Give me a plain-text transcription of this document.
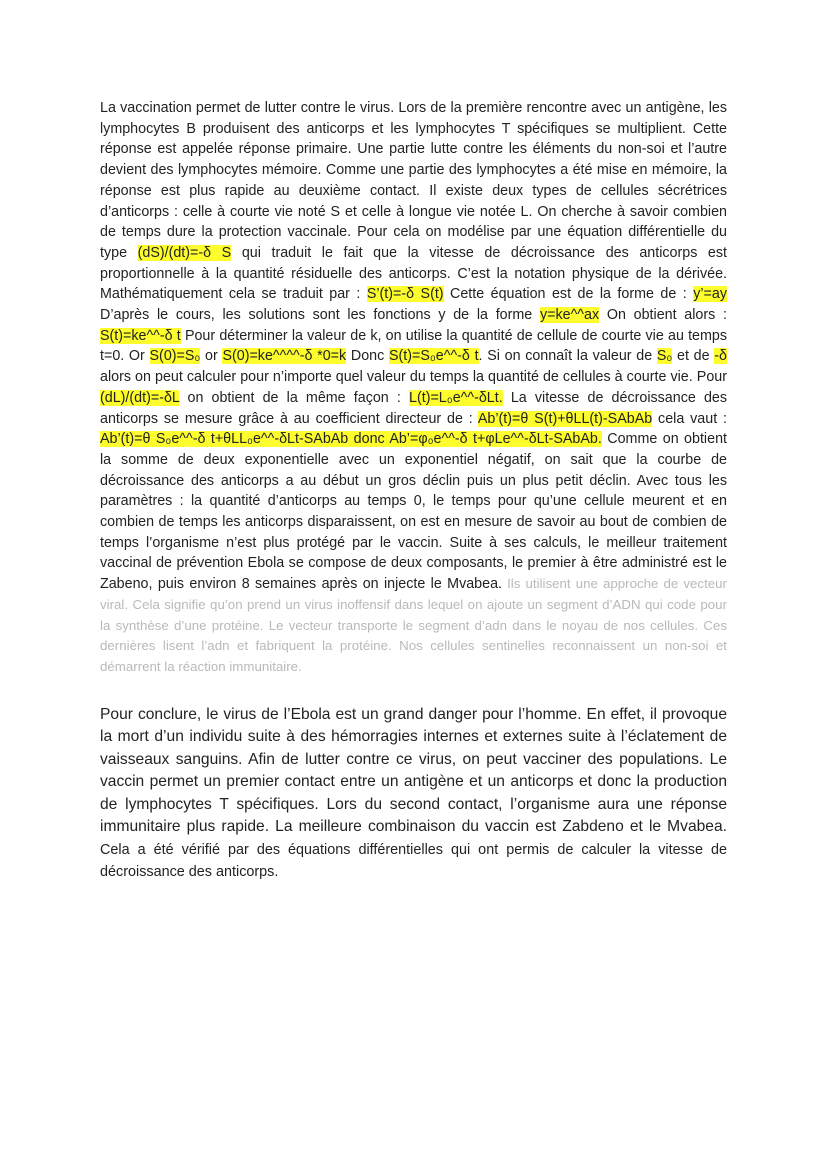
La vaccination permet de lutter contre le virus. Lors de la première rencontre avec un antigène, les lymphocytes B produisent des anticorps et les lymphocytes T spécifiques se multiplient. Cette réponse est appelée réponse primaire. Une partie lutte contre les éléments du non-soi et l’autre devient des lymphocytes mémoire. Comme une partie des lymphocytes a été mise en mémoire, la réponse est plus rapide au deuxième contact. Il existe deux types de cellules sécrétrices d’anticorps : celle à courte vie noté S et celle à longue vie notée L. On cherche à savoir combien de temps dure la protection vaccinale. Pour cela on modélise par une équation différentielle du type (dS)/(dt)=-δ S qui traduit le fait que la vitesse de décroissance des anticorps est proportionnelle à la quantité résiduelle des anticorps. C’est la notation physique de la dérivée. Mathématiquement cela se traduit par : S’(t)=-δ S(t) Cette équation est de la forme de : y’=ay D’après le cours, les solutions sont les fonctions y de la forme y=ke^^ax On obtient alors : S(t)=ke^^-δ t Pour déterminer la valeur de k, on utilise la quantité de cellule de courte vie au temps t=0. Or S(0)=S₀ or S(0)=ke^^^^-δ *0=k Donc S(t)=S₀e^^-δ t. Si on connaît la valeur de S₀ et de -δ alors on peut calculer pour n’importe quel valeur du temps la quantité de cellules à courte vie. Pour (dL)/(dt)=-δL on obtient de la même façon : L(t)=L₀e^^-δLt. La vitesse de décroissance des anticorps se mesure grâce à au coefficient directeur de : Ab’(t)=θ S(t)+θLL(t)-SAbAb cela vaut : Ab’(t)=θ S₀e^^-δ t+θLL₀e^^-δLt-SAbAb donc Ab’=φ₀e^^-δ t+φLe^^-δLt-SAbAb. Comme on obtient la somme de deux exponentielle avec un exponentiel négatif, on sait que la courbe de décroissance des anticorps a au début un gros déclin puis un plus petit déclin. Avec tous les paramètres : la quantité d’anticorps au temps 0, le temps pour qu’une cellule meurent et en combien de temps les anticorps disparaissent, on est en mesure de savoir au bout de combien de temps l’organisme n’est plus protégé par le vaccin. Suite à ses calculs, le meilleur traitement vaccinal de prévention Ebola se compose de deux composants, le premier à être administré est le Zabeno, puis environ 8 semaines après on injecte le Mvabea. Ils utilisent une approche de vecteur viral. Cela signifie qu’on prend un virus inoffensif dans lequel on ajoute un segment d’ADN qui code pour la synthèse d’une protéine. Le vecteur transporte le segment d’adn dans le noyau de nos cellules. Ces dernières lisent l’adn et fabriquent la protéine. Nos cellules sentinelles reconnaissent un non-soi et démarrent la réaction immunitaire.

Pour conclure, le virus de l’Ebola est un grand danger pour l’homme. En effet, il provoque la mort d’un individu suite à des hémorragies internes et externes suite à l’éclatement de vaisseaux sanguins. Afin de lutter contre ce virus, on peut vacciner des populations. Le vaccin permet un premier contact entre un antigène et un anticorps et donc la production de lymphocytes T spécifiques. Lors du second contact, l’organisme aura une réponse immunitaire plus rapide. La meilleure combinaison du vaccin est Zabdeno et le Mvabea. Cela a été vérifié par des équations différentielles qui ont permis de calculer la vitesse de décroissance des anticorps.
